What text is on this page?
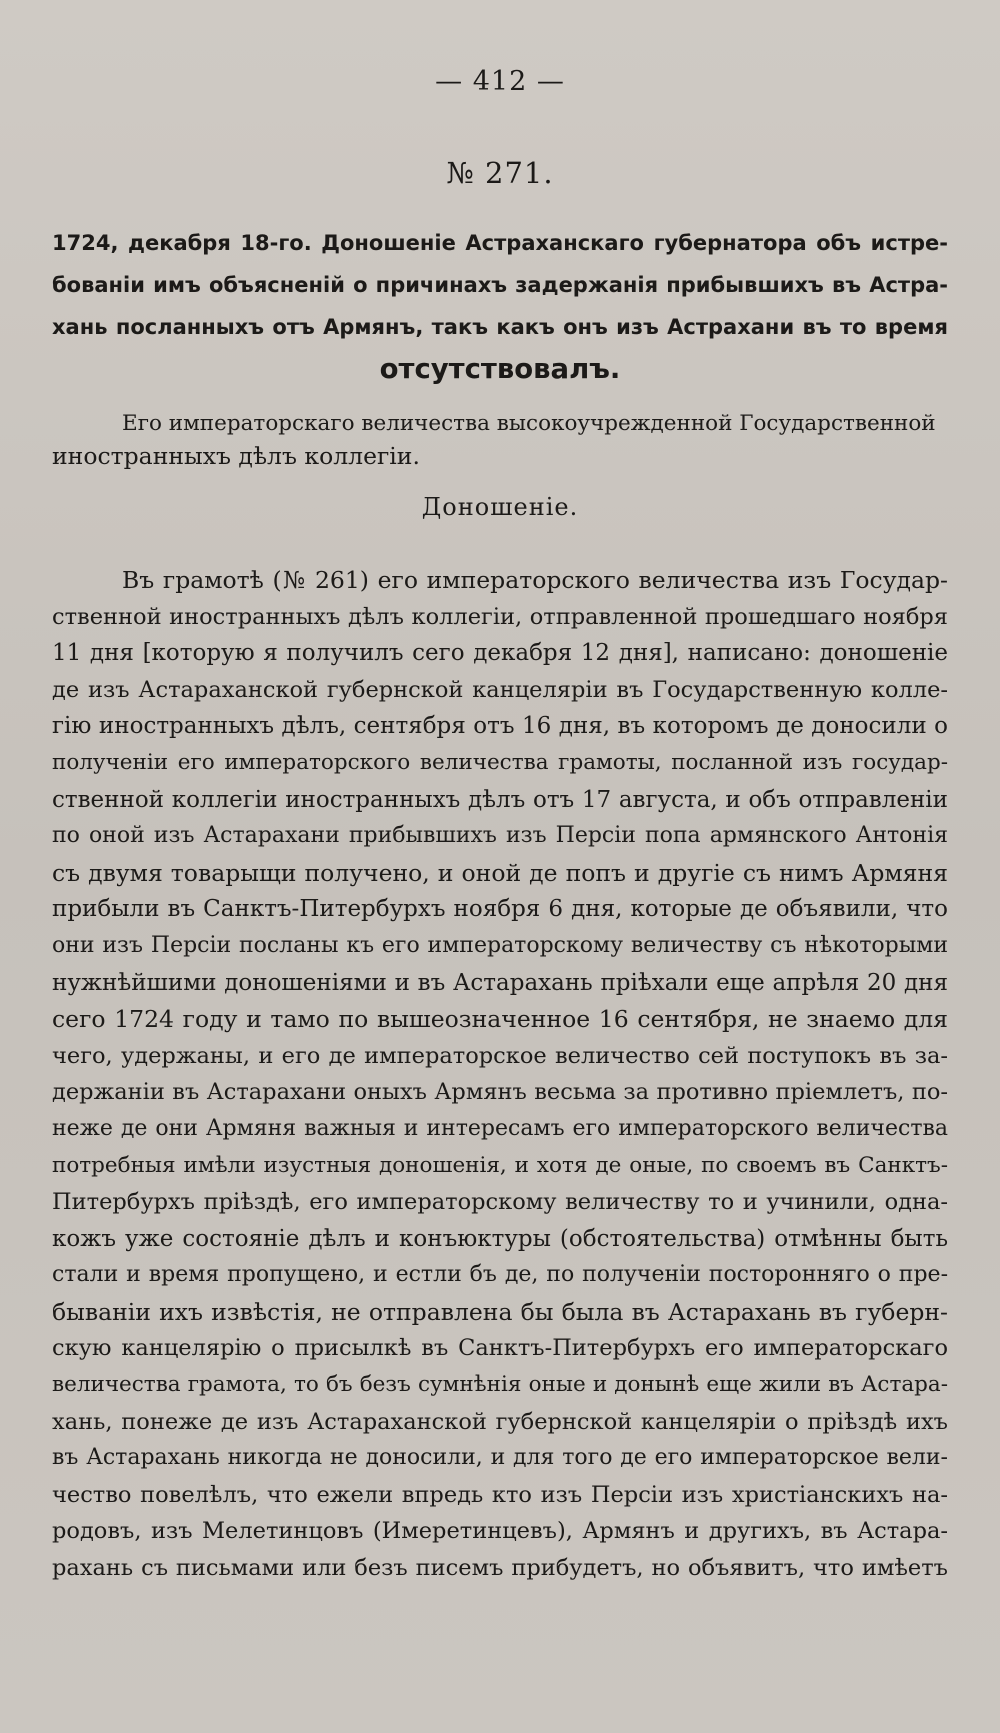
— 412 —
№ 271.
1724, декабря 18-го. Доношеніе Астраханскаго губернатора объ истре-
бованіи имъ объясненій о причинахъ задержанія прибывшихъ въ Астра-
хань посланныхъ отъ Армянъ, такъ какъ онъ изъ Астрахани въ то время
отсутствовалъ.
Его императорскаго величества высокоучрежденной Государственной
иностранныхъ дѣлъ коллегіи.
Доношеніе.
Въ грамотѣ (№ 261) его императорского величества изъ Государ-
ственной иностранныхъ дѣлъ коллегіи, отправленной прошедшаго ноября
11 дня [которую я получилъ сего декабря 12 дня], написано: доношеніе
де изъ Астараханской губернской канцеляріи въ Государственную колле-
гію иностранныхъ дѣлъ, сентября отъ 16 дня, въ которомъ де доносили о
полученіи его императорского величества грамоты, посланной изъ государ-
ственной коллегіи иностранныхъ дѣлъ отъ 17 августа, и объ отправленіи
по оной изъ Астарахани прибывшихъ изъ Персіи попа армянского Антонія
съ двумя товарыщи получено, и оной де попъ и другіе съ нимъ Армяня
прибыли въ Санктъ-Питербурхъ ноября 6 дня, которые де объявили, что
они изъ Персіи посланы къ его императорскому величеству съ нѣкоторыми
нужнѣйшими доношеніями и въ Астарахань пріѣхали еще апрѣля 20 дня
сего 1724 году и тамо по вышеозначенное 16 сентября, не знаемо для
чего, удержаны, и его де императорское величество сей поступокъ въ за-
держаніи въ Астарахани оныхъ Армянъ весьма за противно пріемлетъ, по-
неже де они Армяня важныя и интересамъ его императорского величества
потребныя имѣли изустныя доношенія, и хотя де оные, по своемъ въ Санктъ-
Питербурхъ пріѣздѣ, его императорскому величеству то и учинили, однa-
кожъ уже состояніе дѣлъ и конъюктуры (обстоятельства) отмѣнны быть
стали и время пропущено, и естли бъ де, по полученіи посторонняго о пре-
бываніи ихъ извѣстія, не отправлена бы была въ Астарахань въ губерн-
скую канцелярію о присылкѣ въ Санктъ-Питербурхъ его императорскаго
величества грамота, то бъ безъ сумнѣнія оные и донынѣ еще жили въ Астара-
хань, понеже де изъ Астараханской губернской канцеляріи о пріѣздѣ ихъ
въ Астарахань никогда не доносили, и для того де его императорское вели-
чество повелѣлъ, что ежели впредь кто изъ Персіи изъ христіанскихъ на-
родовъ, изъ Мелетинцовъ (Имеретинцевъ), Армянъ и другихъ, въ Астара-
рахань съ письмами или безъ писемъ прибудетъ, но объявитъ, что имѣетъ
